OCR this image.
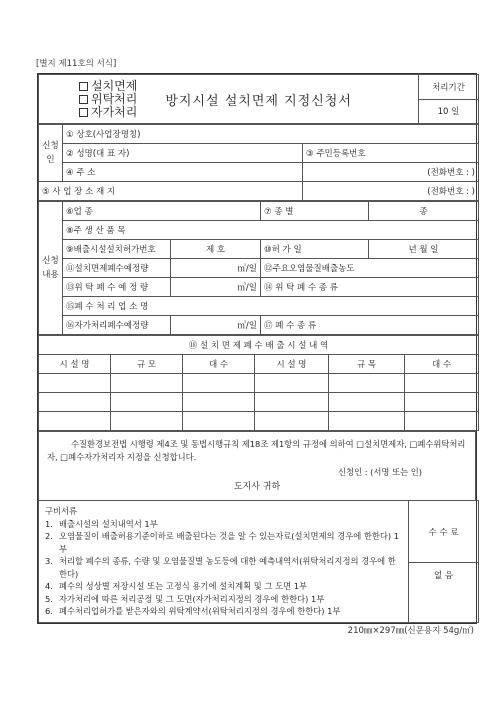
[별지 제11호의 서식]
설치면제
위탁처리
자가처리
방지시설 설치면제 지정신청서
	처리기간
10 일
신청인	① 상호(사업장명칭)	
	② 성명(대 표 자)	③ 주민등록번호
	④ 주 소	(전화번호 : )
⑤ 사 업 장 소 재 지		(전화번호 : )
신청내용	⑥업 종		⑦ 종 별	종
	⑧주 생 산 품 목			
	⑨배출시설설치허가번호	제 호	⑩허 가 일	년 월 일
	⑪설치면제폐수예정량	㎥/일	⑫주요오염물질배출농도	
	⑬위 탁 폐 수 예 정 량	㎥/일	⑭ 위 탁 폐 수 종 류	
	⑮폐 수 처 리 업 소 명			
	⑯자가처리폐수예정량	㎥/일	⑰ 폐 수 종 류	
⑱ 설 치 면 제 폐 수 배 출 시 설 내 역					
시 설 명	규 모	대 수	시 설 명	규 목	대 수

수질환경보전법 시행령 제4조 및 동법시행규칙 제18조 제1항의 규정에 의하여 □설치면제자, □폐수위탁처리자, □폐수자가처리자 지정을 신청합니다.
신청인 : (서명 또는 인)
도지사 귀하
구비서류
1. 배출시설의 설치내역서 1부
2. 오염물질이 배출허용기준이하로 배출된다는 것을 알 수 있는자료(설치면제의 경우에 한한다) 1부
3. 처리할 폐수의 종류, 수량 및 오염물질별 농도등에 대한 예측내역서(위탁처리지정의 경우에 한한다)
4. 폐수의 성상별 저장시설 또는 고정식 용기에 설치계획 및 그 도면 1부
5. 자가처리에 따른 처리공정 및 그 도면(자가처리지정의 경우에 한한다) 1부
6. 폐수처리업허가를 받은자와의 위탁계약서(위탁처리지정의 경우에 한한다) 1부
	수 수 료
없 음
210㎜×297㎜(신문용지 54g/㎡)
